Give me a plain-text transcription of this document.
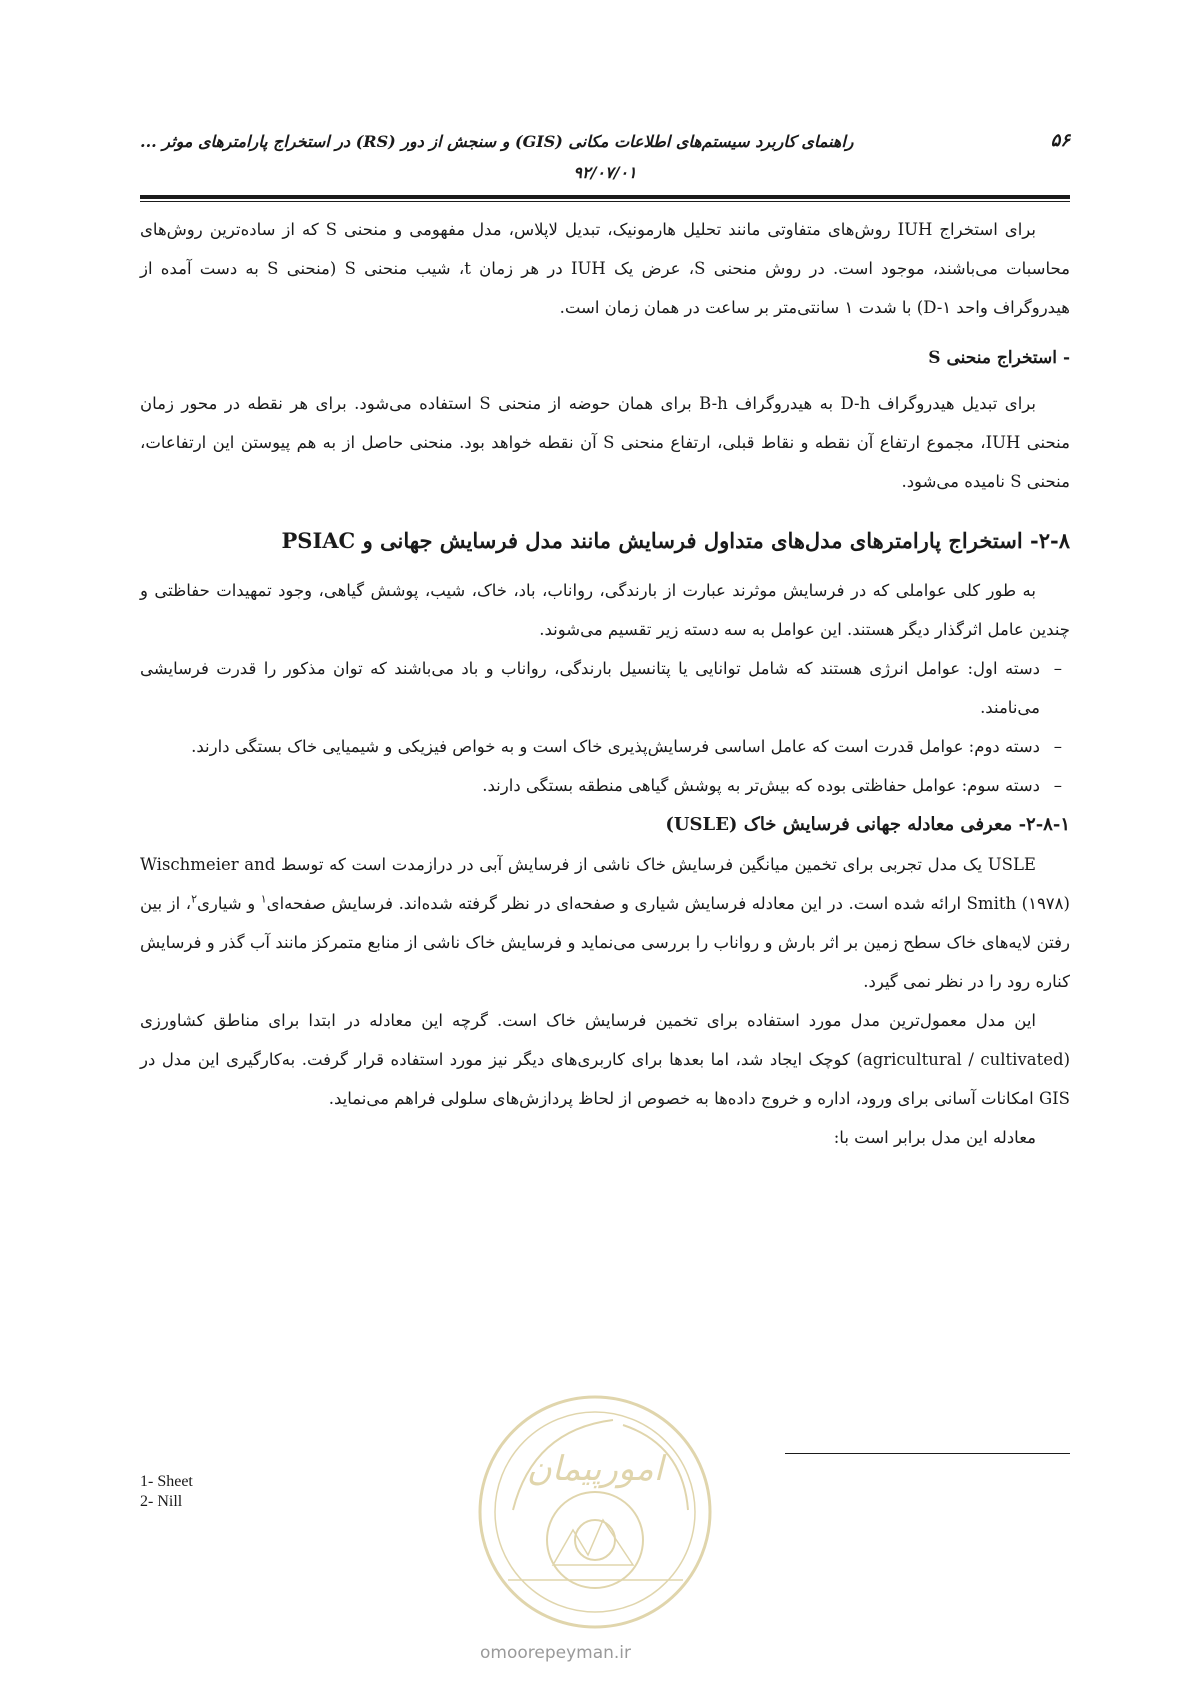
۵۶
راهنمای کاربرد سیستم‌های اطلاعات مکانی (GIS) و سنجش از دور (RS) در استخراج پارامترهای موثر ...
۹۲/۰۷/۰۱

برای استخراج IUH روش‌های متفاوتی مانند تحلیل هارمونیک، تبدیل لاپلاس، مدل مفهومی و منحنی S که از ساده‌ترین روش‌های محاسبات می‌باشند، موجود است. در روش منحنی S، عرض یک IUH در هر زمان t، شیب منحنی S (منحنی S به دست آمده از هیدروگراف واحد D-۱) با شدت ۱ سانتی‌متر بر ساعت در همان زمان است.

- استخراج منحنی S

برای تبدیل هیدروگراف D-h به هیدروگراف B-h برای همان حوضه از منحنی S استفاده می‌شود. برای هر نقطه در محور زمان منحنی IUH، مجموع ارتفاع آن نقطه و نقاط قبلی، ارتفاع منحنی S آن نقطه خواهد بود. منحنی حاصل از به هم پیوستن این ارتفاعات، منحنی S نامیده می‌شود.

۲-۸- استخراج پارامترهای مدل‌های متداول فرسایش مانند مدل فرسایش جهانی و PSIAC

به طور کلی عواملی که در فرسایش موثرند عبارت از بارندگی، رواناب، باد، خاک، شیب، پوشش گیاهی، وجود تمهیدات حفاظتی و چندین عامل اثرگذار دیگر هستند. این عوامل به سه دسته زیر تقسیم می‌شوند.

–
دسته اول: عوامل انرژی هستند که شامل توانایی یا پتانسیل بارندگی، رواناب و باد می‌باشند که توان مذکور را قدرت فرسایشی می‌نامند.
–
دسته دوم: عوامل قدرت است که عامل اساسی فرسایش‌پذیری خاک است و به خواص فیزیکی و شیمیایی خاک بستگی دارند.
–
دسته سوم: عوامل حفاظتی بوده که بیش‌تر به پوشش گیاهی منطقه بستگی دارند.

۲-۸-۱- معرفی معادله جهانی فرسایش خاک (USLE)

USLE یک مدل تجربی برای تخمین میانگین فرسایش خاک ناشی از فرسایش آبی در درازمدت است که توسط Wischmeier and Smith (۱۹۷۸) ارائه شده است. در این معادله فرسایش شیاری و صفحه‌ای در نظر گرفته شده‌اند. فرسایش صفحه‌ای$^۱$ و شیاری$^۲$، از بین رفتن لایه‌های خاک سطح زمین بر اثر بارش و رواناب را بررسی می‌نماید و فرسایش خاک ناشی از منابع متمرکز مانند آب گذر و فرسایش کناره رود را در نظر نمی گیرد.

این مدل معمول‌ترین مدل مورد استفاده برای تخمین فرسایش خاک است. گرچه این معادله در ابتدا برای مناطق کشاورزی (agricultural / cultivated) کوچک ایجاد شد، اما بعدها برای کاربری‌های دیگر نیز مورد استفاده قرار گرفت. به‌کارگیری این مدل در GIS امکانات آسانی برای ورود، اداره و خروج داده‌ها به خصوص از لحاظ پردازش‌های سلولی فراهم می‌نماید.

معادله این مدل برابر است با:

1- Sheet
2- Nill
امورپیمان
omoorepeyman.ir
